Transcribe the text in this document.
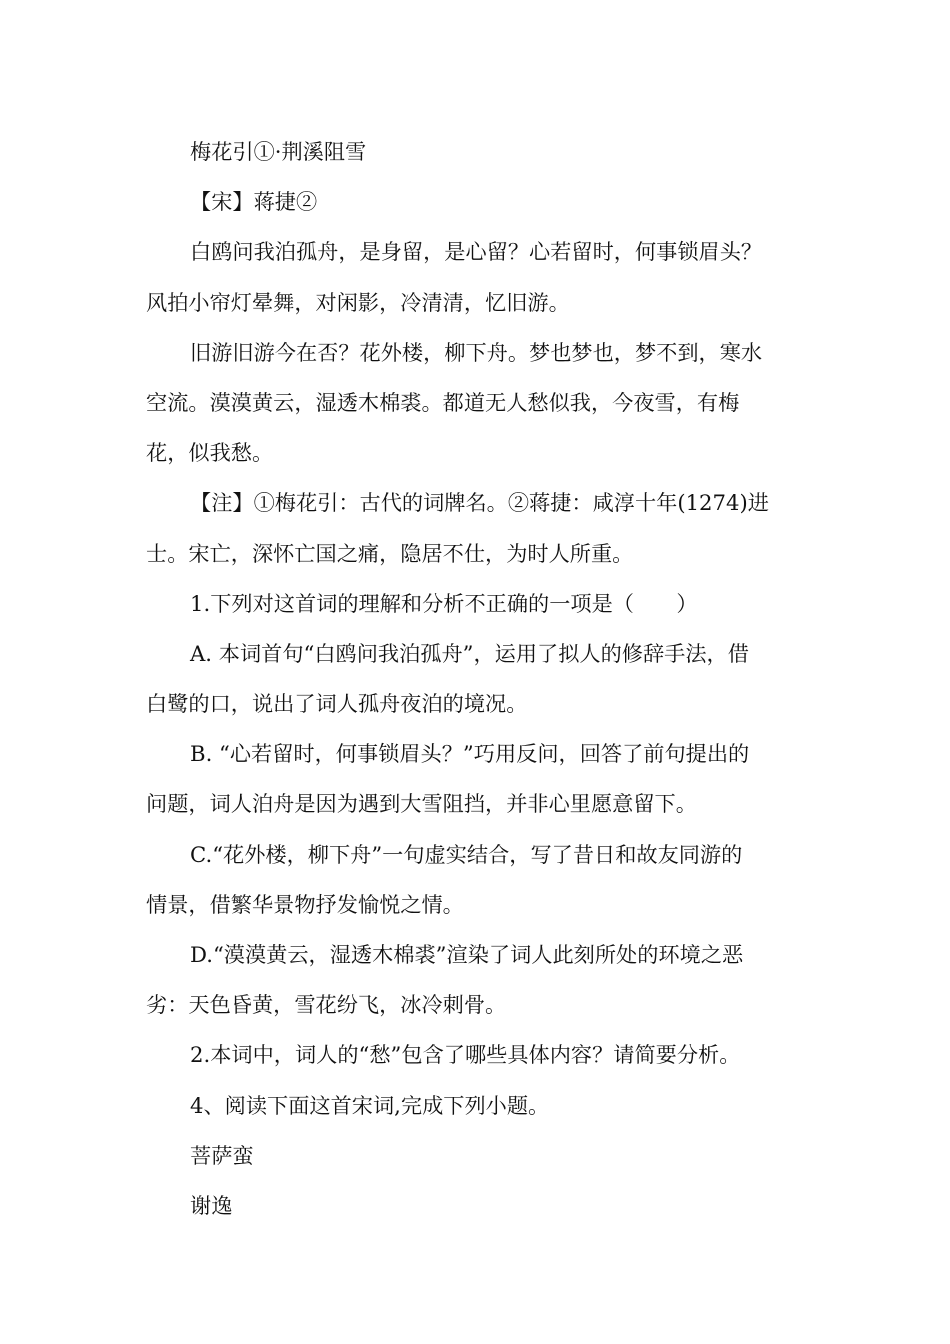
梅花引①·荆溪阻雪
【宋】蒋捷②
白鸥问我泊孤舟，是身留，是心留？心若留时，何事锁眉头？
风拍小帘灯晕舞，对闲影，冷清清，忆旧游。
旧游旧游今在否？花外楼，柳下舟。梦也梦也，梦不到，寒水
空流。漠漠黄云，湿透木棉裘。都道无人愁似我，今夜雪，有梅
花，似我愁。
【注】①梅花引：古代的词牌名。②蒋捷：咸淳十年(1274)进
士。宋亡，深怀亡国之痛，隐居不仕，为时人所重。
1.下列对这首词的理解和分析不正确的一项是（　　）
A. 本词首句“白鸥问我泊孤舟”，运用了拟人的修辞手法，借
白鹭的口，说出了词人孤舟夜泊的境况。
B. “心若留时，何事锁眉头？”巧用反问，回答了前句提出的
问题，词人泊舟是因为遇到大雪阻挡，并非心里愿意留下。
C.“花外楼，柳下舟”一句虚实结合，写了昔日和故友同游的
情景，借繁华景物抒发愉悦之情。
D.“漠漠黄云，湿透木棉裘”渲染了词人此刻所处的环境之恶
劣：天色昏黄，雪花纷飞，冰冷刺骨。
2.本词中，词人的“愁”包含了哪些具体内容？请简要分析。
4、阅读下面这首宋词,完成下列小题。
菩萨蛮
谢逸
